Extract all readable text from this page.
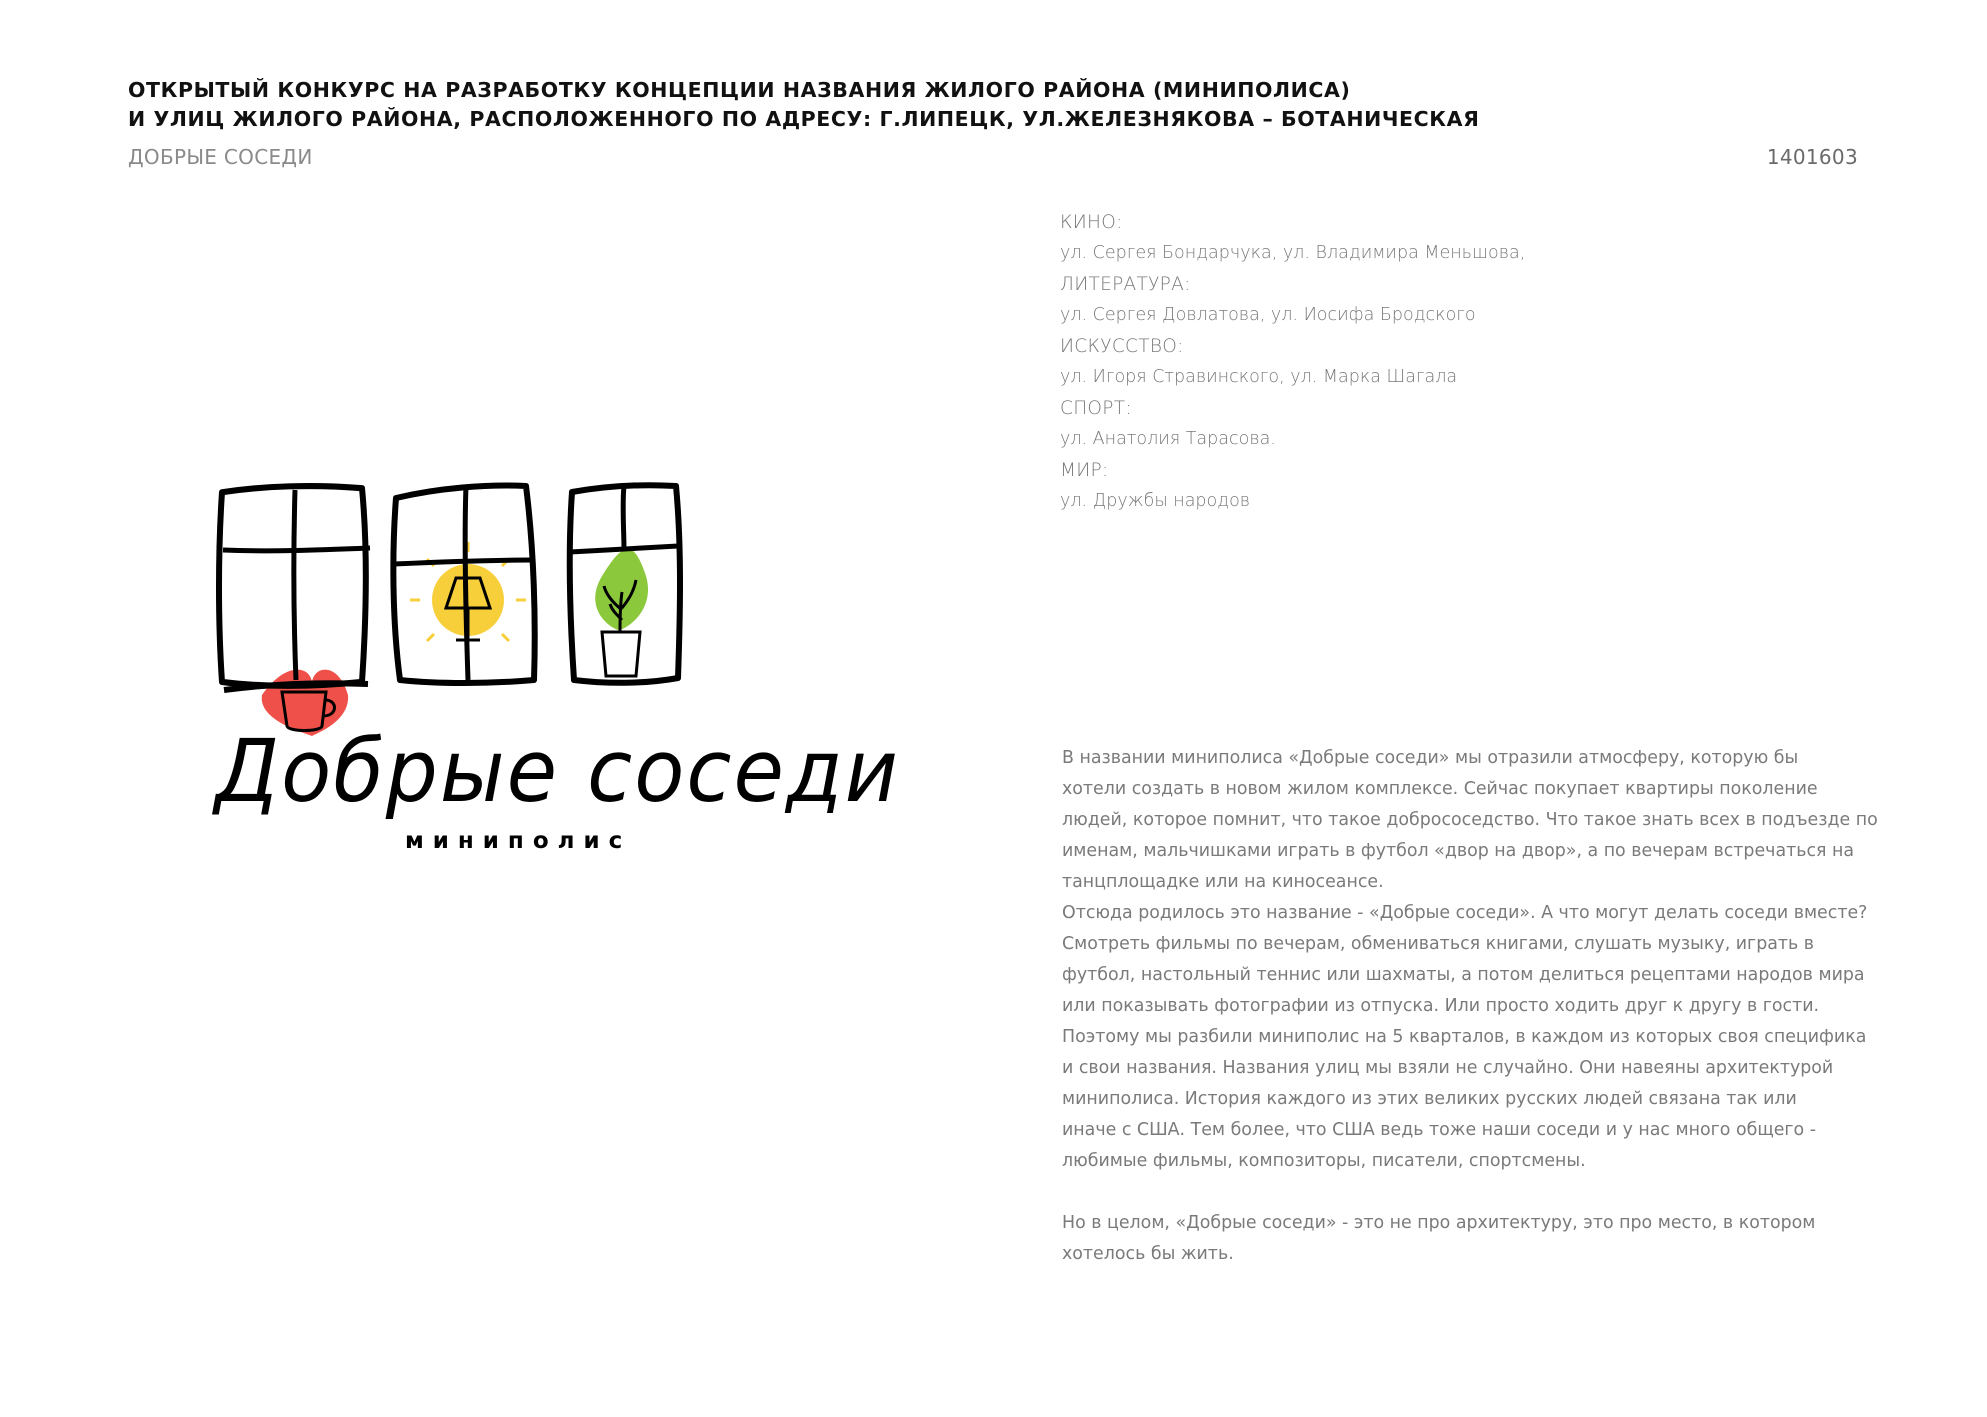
ОТКРЫТЫЙ КОНКУРС НА РАЗРАБОТКУ КОНЦЕПЦИИ НАЗВАНИЯ ЖИЛОГО РАЙОНА (МИНИПОЛИСА)
И УЛИЦ ЖИЛОГО РАЙОНА, РАСПОЛОЖЕННОГО ПО АДРЕСУ: Г.ЛИПЕЦК, УЛ.ЖЕЛЕЗНЯКОВА – БОТАНИЧЕСКАЯ
ДОБРЫЕ СОСЕДИ	1401603
Добрые соседи
миниполис
КИНО:
ул. Сергея Бондарчука, ул. Владимира Меньшова,
ЛИТЕРАТУРА:
ул. Сергея Довлатова, ул. Иосифа Бродского
ИСКУССТВО:
ул. Игоря Стравинского, ул. Марка Шагала
СПОРТ:
ул. Анатолия Тарасова.
МИР:
ул. Дружбы народов

В названии миниполиса «Добрые соседи» мы отразили атмосферу, которую бы

хотели создать в новом жилом комплексе. Сейчас покупает квартиры поколение

людей, которое помнит, что такое добрососедство. Что такое знать всех в подъезде по

именам, мальчишками играть в футбол «двор на двор», а по вечерам встречаться на

танцплощадке или на киносеансе.

Отсюда родилось это название - «Добрые соседи». А что могут делать соседи вместе?

Смотреть фильмы по вечерам, обмениваться книгами, слушать музыку, играть в

футбол, настольный теннис или шахматы, а потом делиться рецептами народов мира

или показывать фотографии из отпуска. Или просто ходить друг к другу в гости.

Поэтому мы разбили миниполис на 5 кварталов, в каждом из которых своя специфика

и свои названия. Названия улиц мы взяли не случайно. Они навеяны архитектурой

миниполиса. История каждого из этих великих русских людей связана так или

иначе с США. Тем более, что США ведь тоже наши соседи и у нас много общего -

любимые фильмы, композиторы, писатели, спортсмены.

Но в целом, «Добрые соседи» - это не про архитектуру, это про место, в котором

хотелось бы жить.
